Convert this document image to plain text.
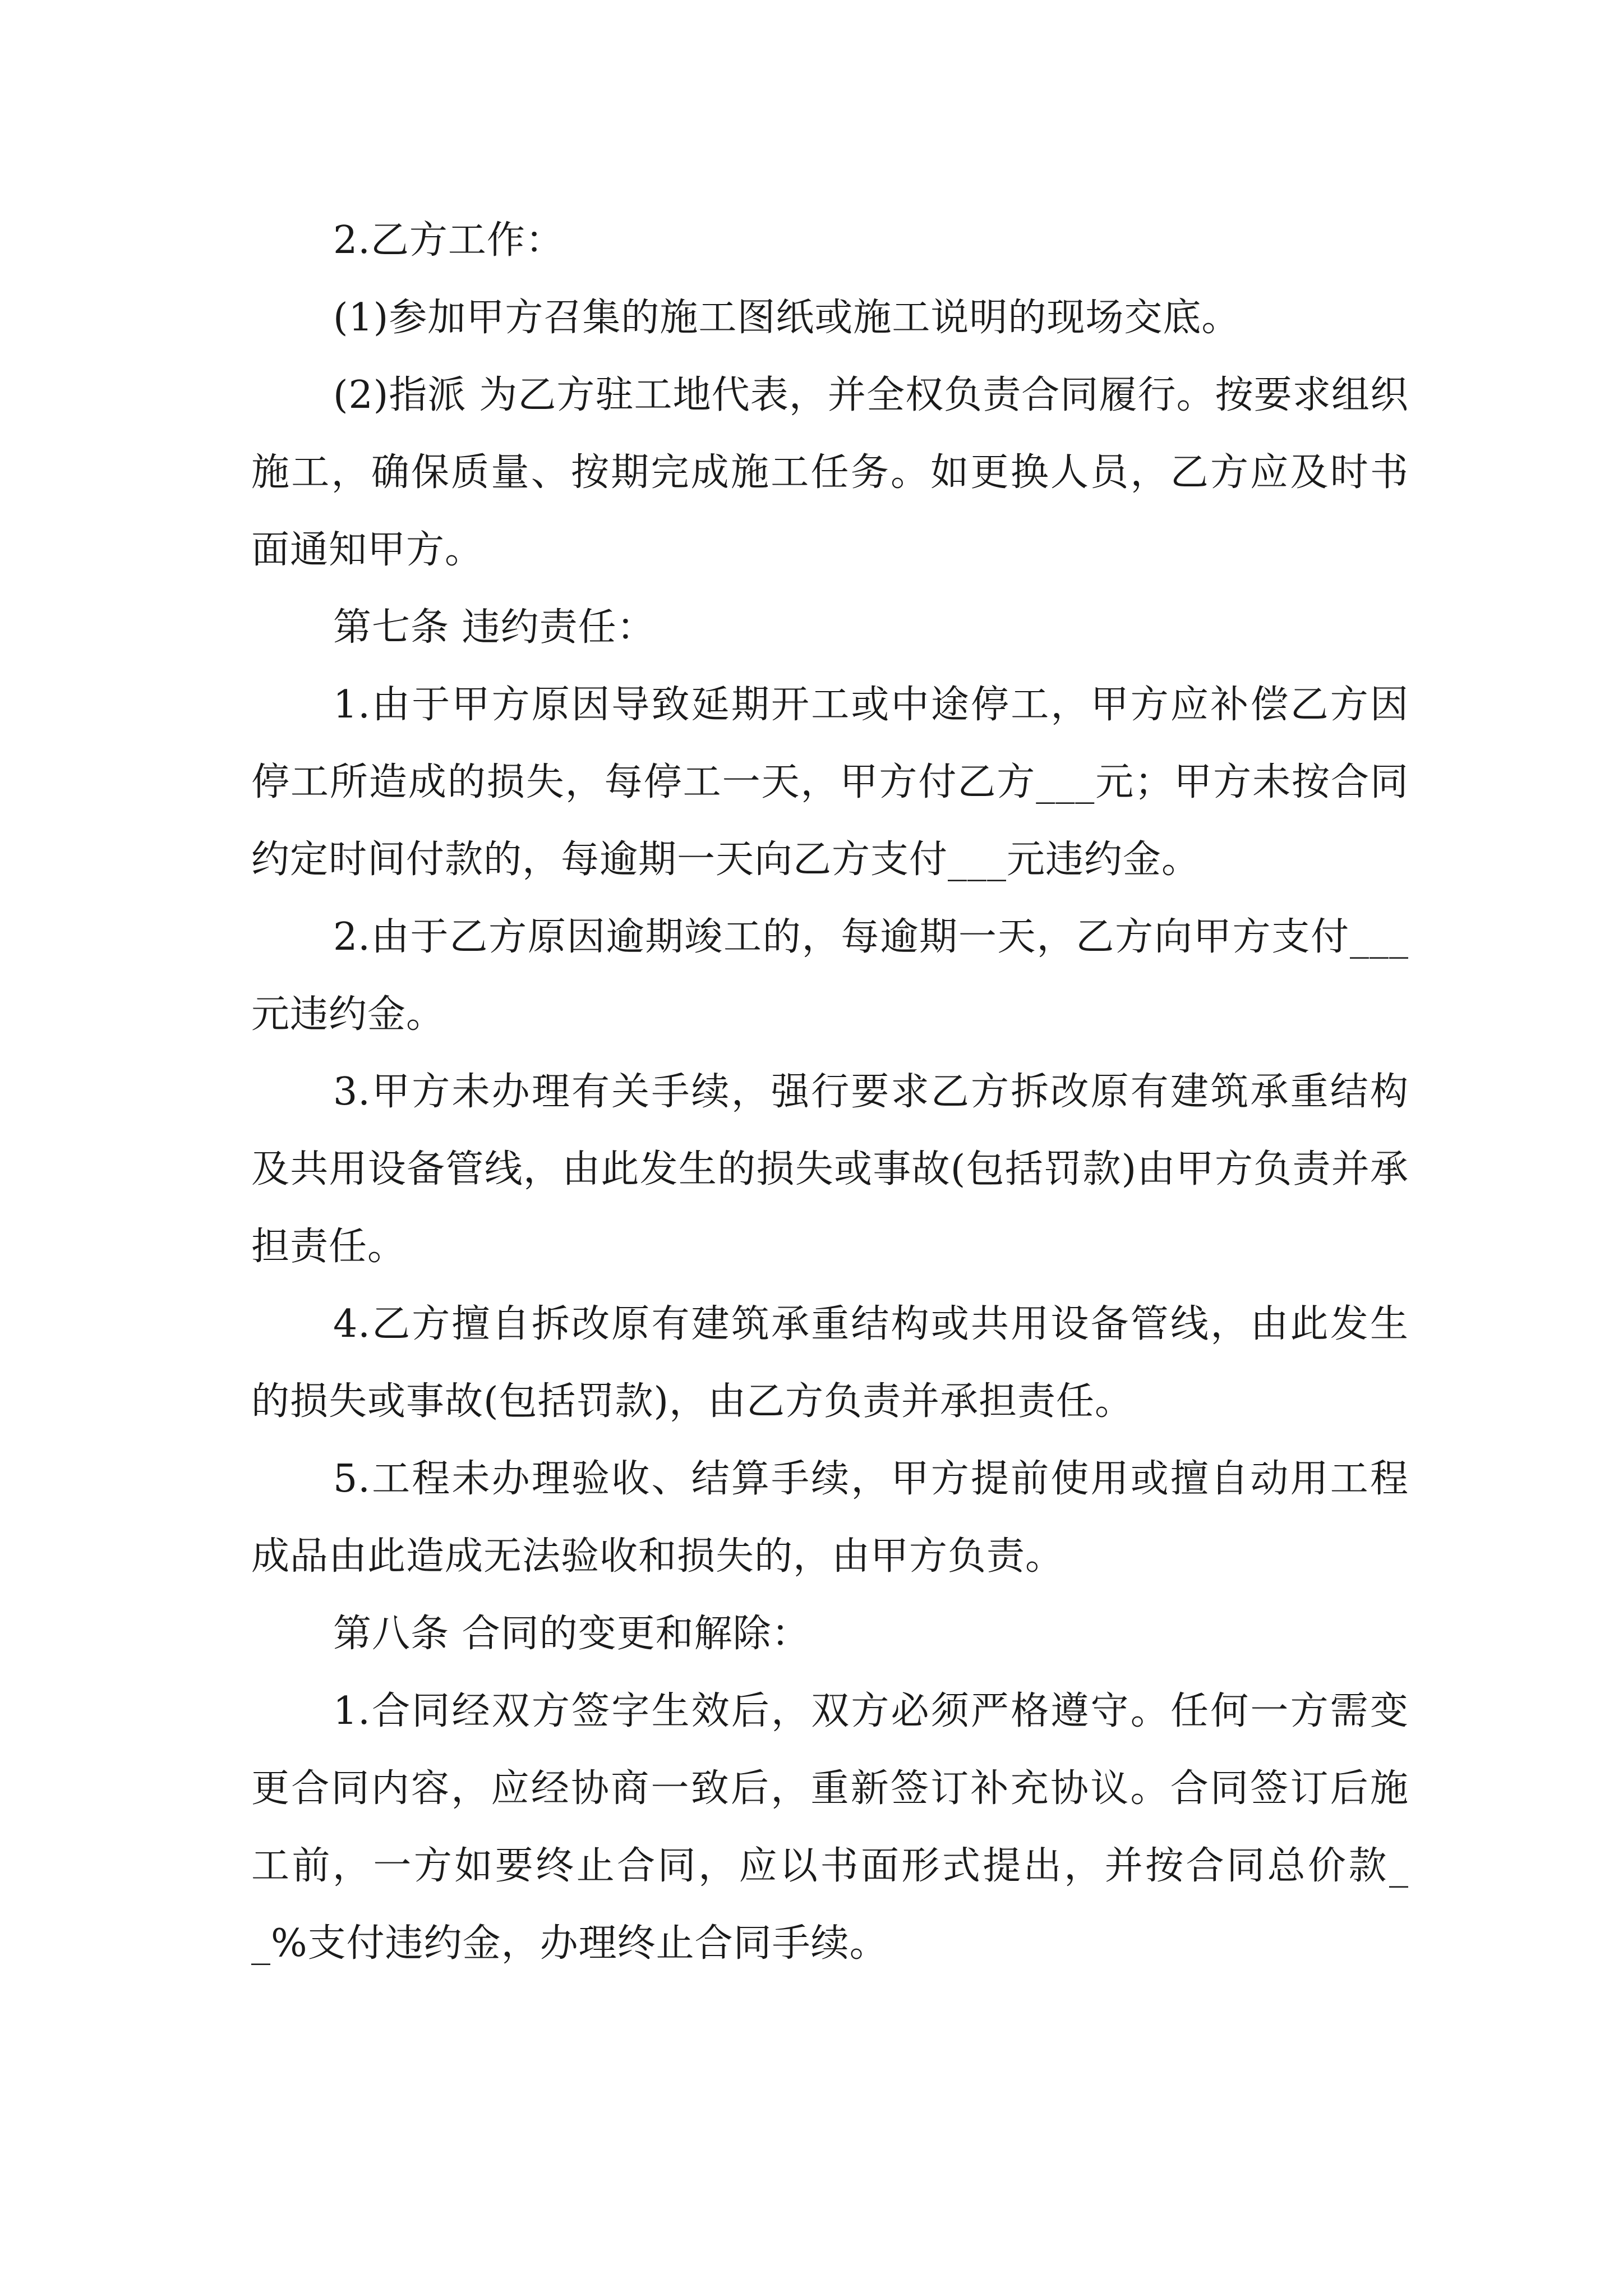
2.乙方工作：

(1)参加甲方召集的施工图纸或施工说明的现场交底。

(2)指派 为乙方驻工地代表，并全权负责合同履行。按要求组织施工，确保质量、按期完成施工任务。如更换人员，乙方应及时书面通知甲方。

第七条 违约责任：

1.由于甲方原因导致延期开工或中途停工，甲方应补偿乙方因停工所造成的损失，每停工一天，甲方付乙方___元；甲方未按合同约定时间付款的，每逾期一天向乙方支付___元违约金。

2.由于乙方原因逾期竣工的，每逾期一天，乙方向甲方支付___元违约金。

3.甲方未办理有关手续，强行要求乙方拆改原有建筑承重结构及共用设备管线，由此发生的损失或事故(包括罚款)由甲方负责并承担责任。

4.乙方擅自拆改原有建筑承重结构或共用设备管线，由此发生的损失或事故(包括罚款)，由乙方负责并承担责任。

5.工程未办理验收、结算手续，甲方提前使用或擅自动用工程成品由此造成无法验收和损失的，由甲方负责。

第八条 合同的变更和解除：

1.合同经双方签字生效后，双方必须严格遵守。任何一方需变更合同内容，应经协商一致后，重新签订补充协议。合同签订后施工前，一方如要终止合同，应以书面形式提出，并按合同总价款__%支付违约金，办理终止合同手续。
